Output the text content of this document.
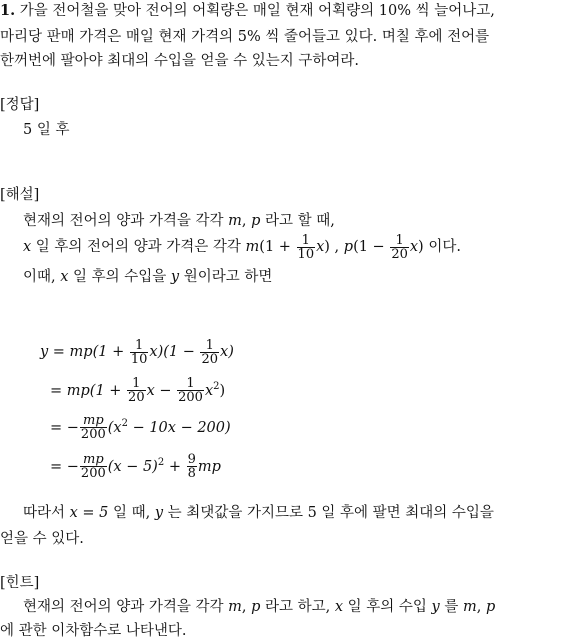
1. 가을 전어철을 맞아 전어의 어획량은 매일 현재 어획량의 10% 씩 늘어나고,
마리당 판매 가격은 매일 현재 가격의 5% 씩 줄어들고 있다. 며칠 후에 전어를
한꺼번에 팔아야 최대의 수입을 얻을 수 있는지 구하여라.
[정답]
5 일 후
[해설]
현재의 전어의 양과 가격을 각각 m, p 라고 할 때,
x 일 후의 전어의 양과 가격은 각각 $m(1 + \frac{1}{10} x)$ , $p(1 - \frac{1}{20} x)$ 이다.
이때, x 일 후의 수입을 y 원이라고 하면
$y = mp(1 + \frac{1}{10} x)(1 - \frac{1}{20} x)$
= $mp(1 + \frac{1}{20}$ $x - \frac{1}{200} x^2$)
= − $\frac{mp}{200} (x^2 - 10x - 200)$
= − $\frac{mp}{200} (x - 5)^2 + \frac{9}{8}$ mp
따라서 x = 5 일 때, y 는 최댓값을 가지므로 5 일 후에 팔면 최대의 수입을
얻을 수 있다.
[힌트]
현재의 전어의 양과 가격을 각각 m, p 라고 하고, x 일 후의 수입 y 를 m, p
에 관한 이차함수로 나타낸다.
